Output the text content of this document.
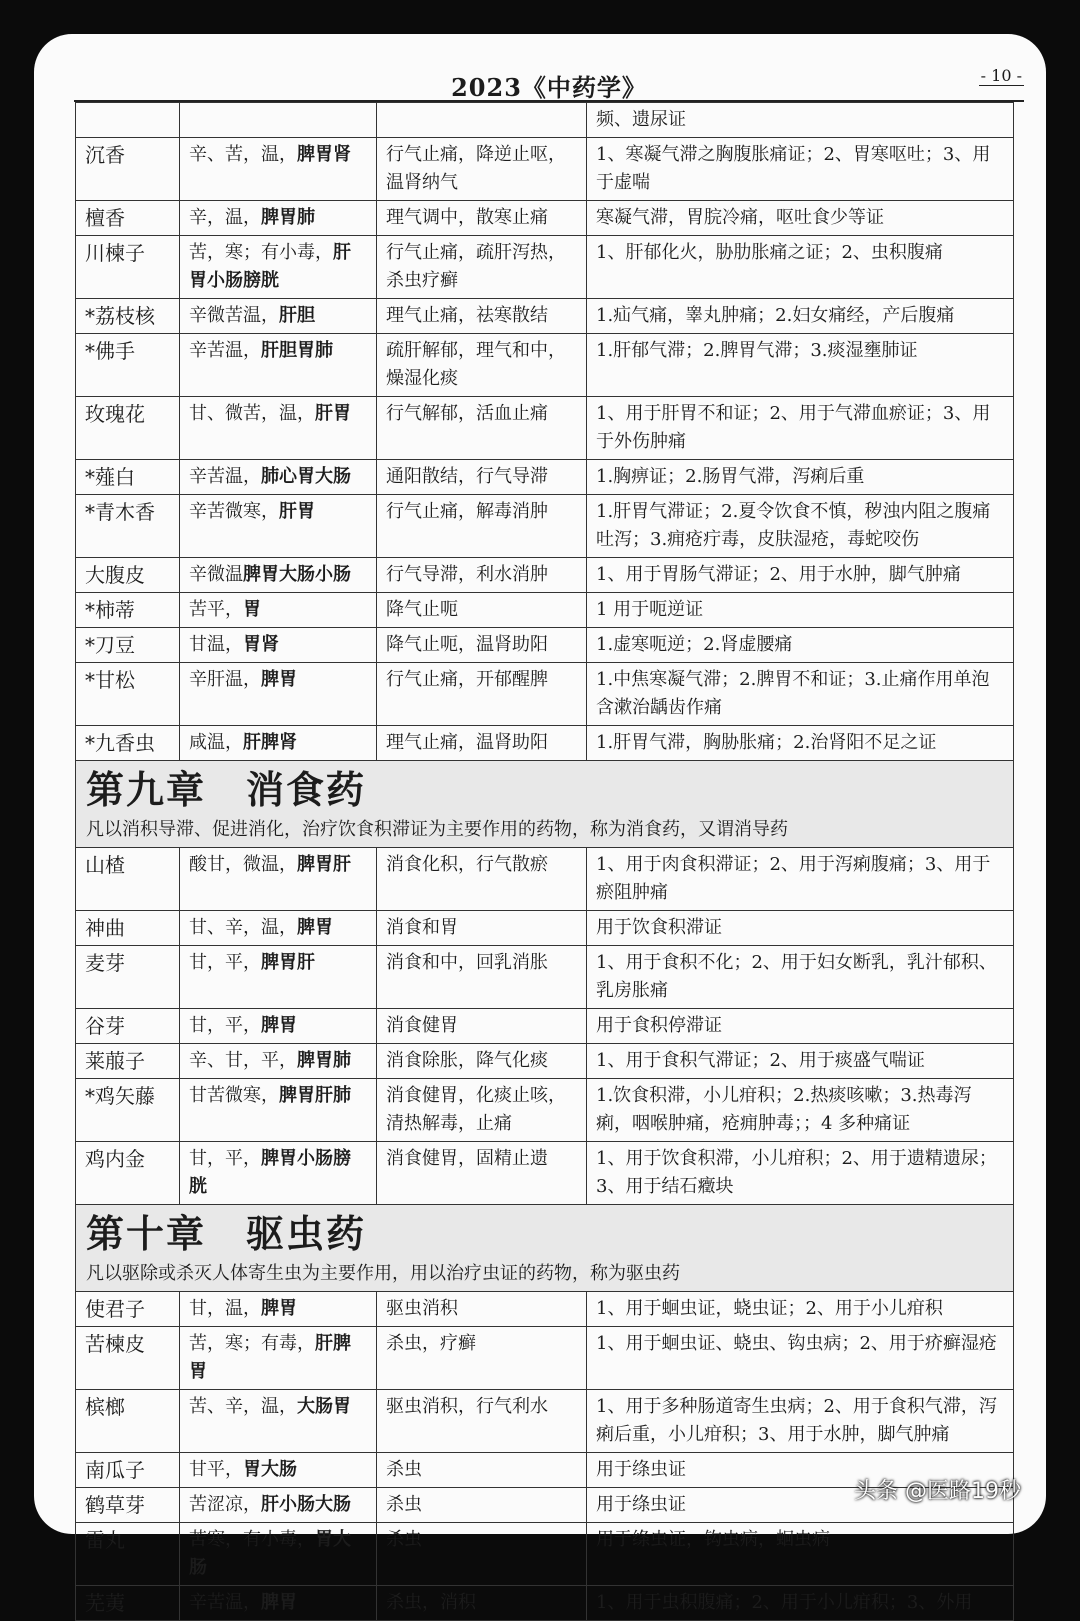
2023《中药学》	- 10 -
			频、遗尿证
沉香	辛、苦，温，脾胃肾	行气止痛，降逆止呕，温肾纳气	1、寒凝气滞之胸腹胀痛证；2、胃寒呕吐；3、用于虚喘
檀香	辛，温，脾胃肺	理气调中，散寒止痛	寒凝气滞，胃脘冷痛，呕吐食少等证
川楝子	苦，寒；有小毒，肝胃小肠膀胱	行气止痛，疏肝泻热，杀虫疗癣	1、肝郁化火，胁肋胀痛之证；2、虫积腹痛
*荔枝核	辛微苦温，肝胆	理气止痛，祛寒散结	1.疝气痛，睾丸肿痛；2.妇女痛经，产后腹痛
*佛手	辛苦温，肝胆胃肺	疏肝解郁，理气和中，燥湿化痰	1.肝郁气滞；2.脾胃气滞；3.痰湿壅肺证
玫瑰花	甘、微苦，温，肝胃	行气解郁，活血止痛	1、用于肝胃不和证；2、用于气滞血瘀证；3、用于外伤肿痛
*薤白	辛苦温，肺心胃大肠	通阳散结，行气导滞	1.胸痹证；2.肠胃气滞，泻痢后重
*青木香	辛苦微寒，肝胃	行气止痛，解毒消肿	1.肝胃气滞证；2.夏令饮食不慎，秽浊内阻之腹痛吐泻；3.痈疮疔毒，皮肤湿疮，毒蛇咬伤
大腹皮	辛微温脾胃大肠小肠	行气导滞，利水消肿	1、用于胃肠气滞证；2、用于水肿，脚气肿痛
*柿蒂	苦平，胃	降气止呃	1 用于呃逆证
*刀豆	甘温，胃肾	降气止呃，温肾助阳	1.虚寒呃逆；2.肾虚腰痛
*甘松	辛肝温，脾胃	行气止痛，开郁醒脾	1.中焦寒凝气滞；2.脾胃不和证；3.止痛作用单泡含漱治龋齿作痛
*九香虫	咸温，肝脾肾	理气止痛，温肾助阳	1.肝胃气滞，胸胁胀痛；2.治肾阳不足之证

第九章　消食药
凡以消积导滞、促进消化，治疗饮食积滞证为主要作用的药物，称为消食药，又谓消导药			

山楂	酸甘，微温，脾胃肝	消食化积，行气散瘀	1、用于肉食积滞证；2、用于泻痢腹痛；3、用于瘀阻肿痛
神曲	甘、辛，温，脾胃	消食和胃	用于饮食积滞证
麦芽	甘，平，脾胃肝	消食和中，回乳消胀	1、用于食积不化；2、用于妇女断乳，乳汁郁积、乳房胀痛
谷芽	甘，平，脾胃	消食健胃	用于食积停滞证
莱菔子	辛、甘，平，脾胃肺	消食除胀，降气化痰	1、用于食积气滞证；2、用于痰盛气喘证
*鸡矢藤	甘苦微寒，脾胃肝肺	消食健胃，化痰止咳，清热解毒，止痛	1.饮食积滞，小儿疳积；2.热痰咳嗽；3.热毒泻痢，咽喉肿痛，疮痈肿毒；；4 多种痛证
鸡内金	甘，平，脾胃小肠膀胱	消食健胃，固精止遗	1、用于饮食积滞，小儿疳积；2、用于遗精遗尿；3、用于结石癥块

第十章　驱虫药
凡以驱除或杀灭人体寄生虫为主要作用，用以治疗虫证的药物，称为驱虫药			

使君子	甘，温，脾胃	驱虫消积	1、用于蛔虫证，蛲虫证；2、用于小儿疳积
苦楝皮	苦，寒；有毒，肝脾胃	杀虫，疗癣	1、用于蛔虫证、蛲虫、钩虫病；2、用于疥癣湿疮
槟榔	苦、辛，温，大肠胃	驱虫消积，行气利水	1、用于多种肠道寄生虫病；2、用于食积气滞，泻痢后重，小儿疳积；3、用于水肿，脚气肿痛
南瓜子	甘平，胃大肠	杀虫	用于绦虫证
鹤草芽	苦涩凉，肝小肠大肠	杀虫	用于绦虫证
雷丸	苦寒，有小毒，胃大肠	杀虫	用于绦虫证，钩虫病，蛔虫病
芜荑	辛苦温，脾胃	杀虫，消积	1、用于虫积腹痛；2、用于小儿疳积；3、外用
头条 @医路19秒
